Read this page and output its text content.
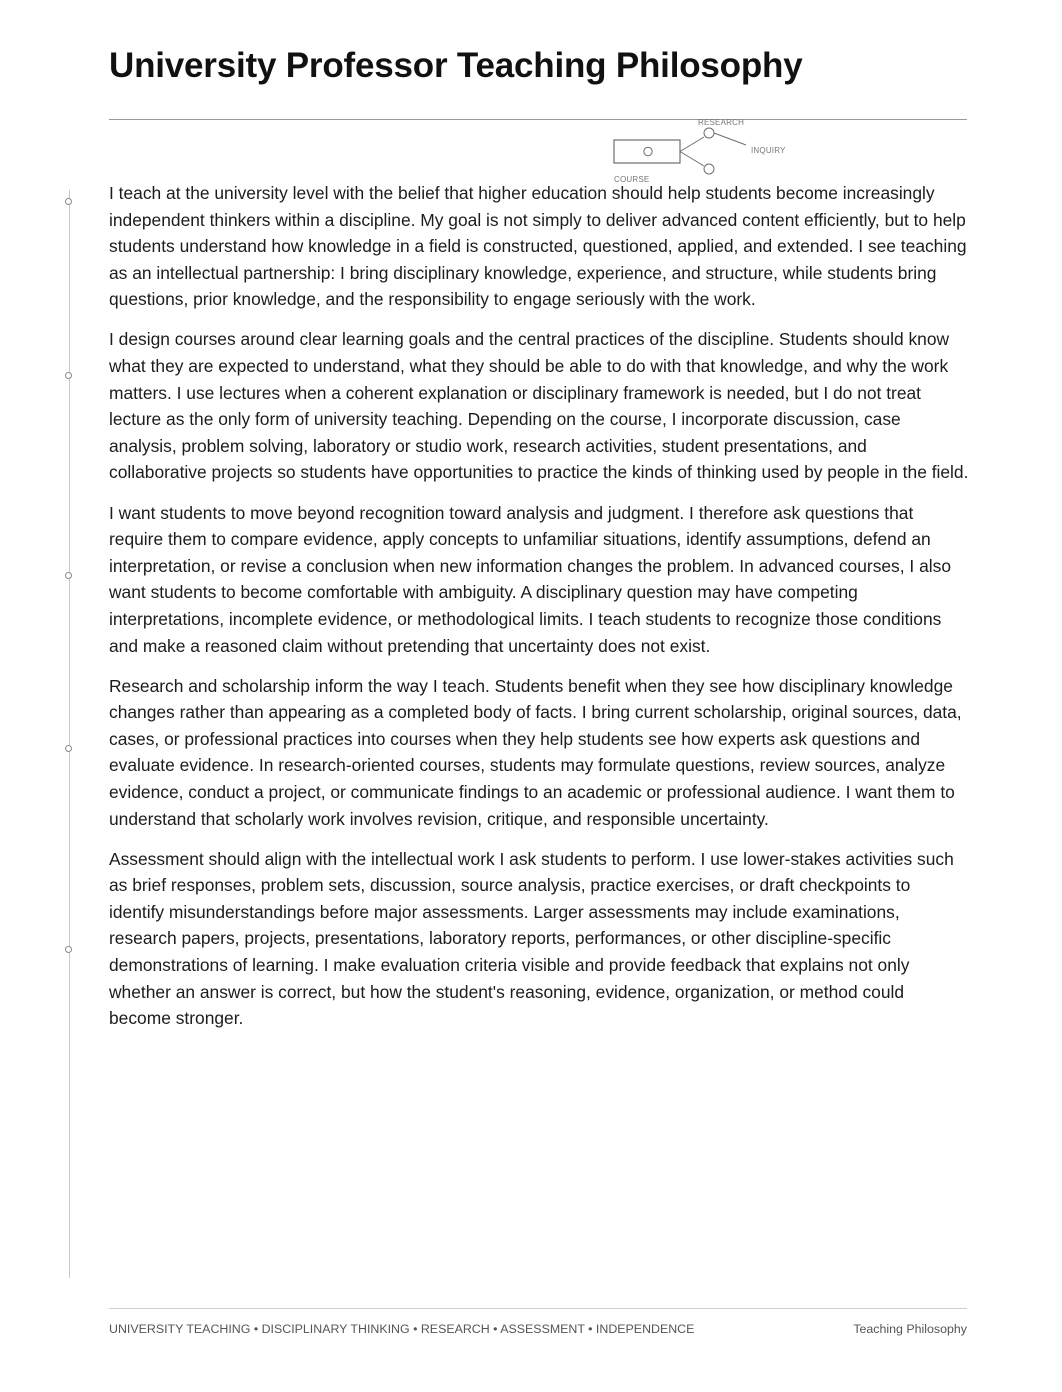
University Professor Teaching Philosophy
RESEARCH
INQUIRY
COURSE

I teach at the university level with the belief that higher education should help students become increasingly independent thinkers within a discipline. My goal is not simply to deliver advanced content efficiently, but to help students understand how knowledge in a field is constructed, questioned, applied, and extended. I see teaching as an intellectual partnership: I bring disciplinary knowledge, experience, and structure, while students bring questions, prior knowledge, and the responsibility to engage seriously with the work.

I design courses around clear learning goals and the central practices of the discipline. Students should know what they are expected to understand, what they should be able to do with that knowledge, and why the work matters. I use lectures when a coherent explanation or disciplinary framework is needed, but I do not treat lecture as the only form of university teaching. Depending on the course, I incorporate discussion, case analysis, problem solving, laboratory or studio work, research activities, student presentations, and collaborative projects so students have opportunities to practice the kinds of thinking used by people in the field.

I want students to move beyond recognition toward analysis and judgment. I therefore ask questions that require them to compare evidence, apply concepts to unfamiliar situations, identify assumptions, defend an interpretation, or revise a conclusion when new information changes the problem. In advanced courses, I also want students to become comfortable with ambiguity. A disciplinary question may have competing interpretations, incomplete evidence, or methodological limits. I teach students to recognize those conditions and make a reasoned claim without pretending that uncertainty does not exist.

Research and scholarship inform the way I teach. Students benefit when they see how disciplinary knowledge changes rather than appearing as a completed body of facts. I bring current scholarship, original sources, data, cases, or professional practices into courses when they help students see how experts ask questions and evaluate evidence. In research-oriented courses, students may formulate questions, review sources, analyze evidence, conduct a project, or communicate findings to an academic or professional audience. I want them to understand that scholarly work involves revision, critique, and responsible uncertainty.

Assessment should align with the intellectual work I ask students to perform. I use lower-stakes activities such as brief responses, problem sets, discussion, source analysis, practice exercises, or draft checkpoints to identify misunderstandings before major assessments. Larger assessments may include examinations, research papers, projects, presentations, laboratory reports, performances, or other discipline-specific demonstrations of learning. I make evaluation criteria visible and provide feedback that explains not only whether an answer is correct, but how the student's reasoning, evidence, organization, or method could become stronger.

UNIVERSITY TEACHING • DISCIPLINARY THINKING • RESEARCH • ASSESSMENT • INDEPENDENCE	Teaching Philosophy
